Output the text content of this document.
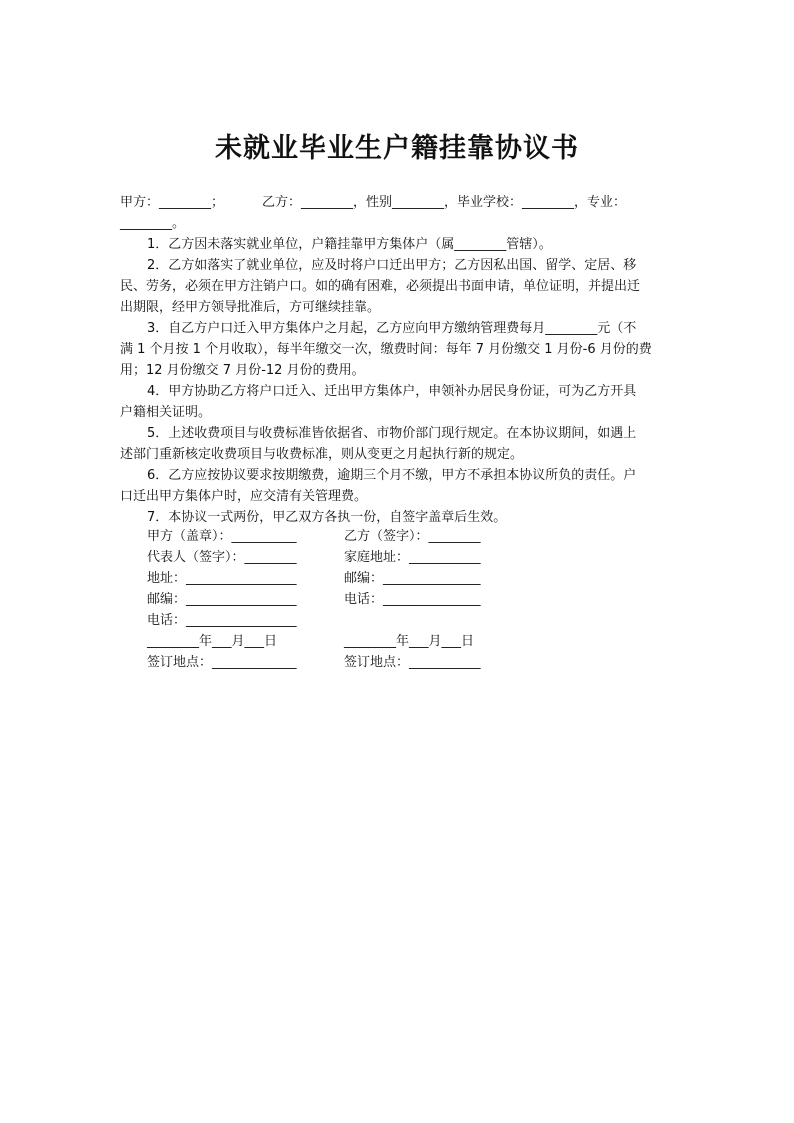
未就业毕业生户籍挂靠协议书
甲方：________；	乙方：________，性别________，毕业学校：________，专业：
________。
1．乙方因未落实就业单位，户籍挂靠甲方集体户（属________管辖）。
2．乙方如落实了就业单位，应及时将户口迁出甲方；乙方因私出国、留学、定居、移
民、劳务，必须在甲方注销户口。如的确有困难，必须提出书面申请，单位证明，并提出迁
出期限，经甲方领导批准后，方可继续挂靠。
3．自乙方户口迁入甲方集体户之月起，乙方应向甲方缴纳管理费每月________元（不
满 1 个月按 1 个月收取），每半年缴交一次，缴费时间：每年 7 月份缴交 1 月份-6 月份的费
用；12 月份缴交 7 月份-12 月份的费用。
4．甲方协助乙方将户口迁入、迁出甲方集体户，申领补办居民身份证，可为乙方开具
户籍相关证明。
5．上述收费项目与收费标准皆依据省、市物价部门现行规定。在本协议期间，如遇上
述部门重新核定收费项目与收费标准，则从变更之月起执行新的规定。
6．乙方应按协议要求按期缴费，逾期三个月不缴，甲方不承担本协议所负的责任。户
口迁出甲方集体户时，应交清有关管理费。
7．本协议一式两份，甲乙双方各执一份，自签字盖章后生效。
甲方（盖章）：__________	乙方（签字）：________
代表人（签字）：________	家庭地址：___________
地址：_________________	邮编：_______________
邮编：_________________	电话：_______________
电话：_________________
________年___月___日	________年___月___日
签订地点：_____________	签订地点：___________
